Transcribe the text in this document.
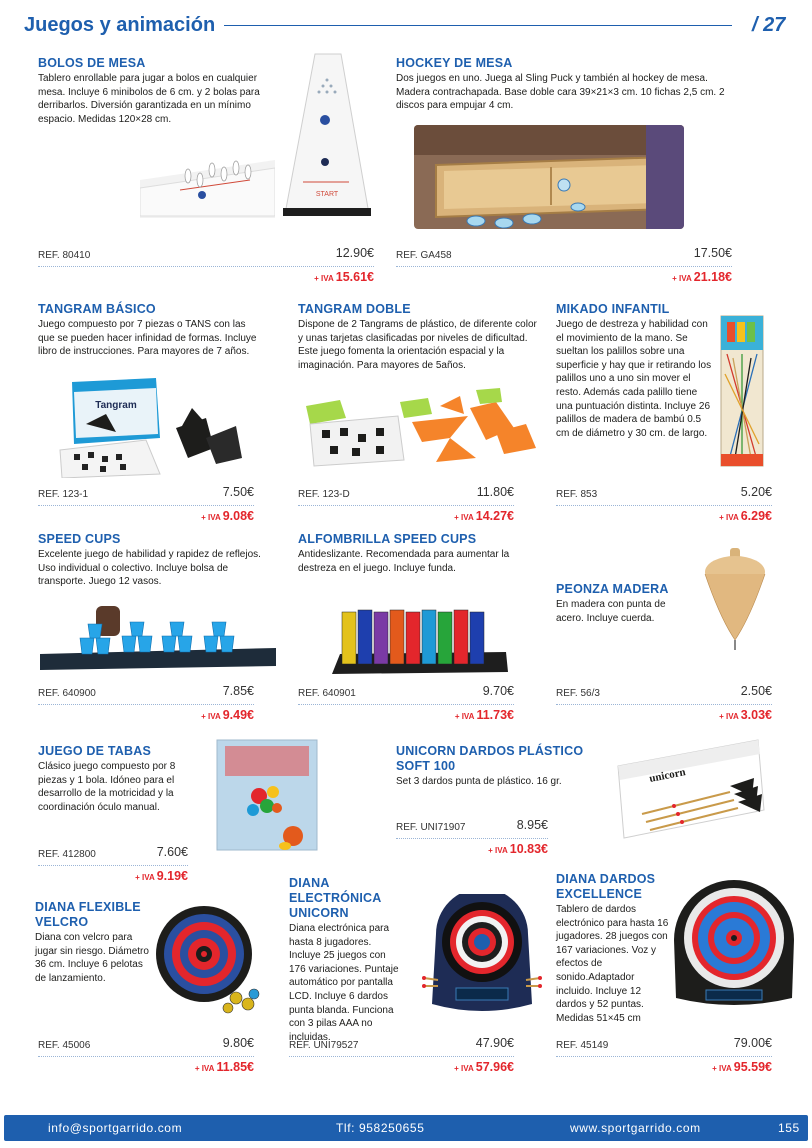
Juegos y animación	/ 27
BOLOS DE MESA
Tablero enrollable para jugar a bolos en cualquier mesa. Incluye 6 minibolos de 6 cm. y 2 bolas para derribarlos. Diversión garantizada en un mínimo espacio. Medidas 120×28 cm.
START
REF. 80410	12.90€
+ IVA 15.61€
HOCKEY DE MESA
Dos juegos en uno. Juega al Sling Puck y también al hockey de mesa. Madera contrachapada. Base doble cara 39×21×3 cm. 10 fichas 2,5 cm. 2 discos para empujar 4 cm.
REF. GA458	17.50€
+ IVA 21.18€
TANGRAM BÁSICO
Juego compuesto por 7 piezas o TANS con las que se pueden hacer infinidad de formas. Incluye libro de instrucciones. Para mayores de 7 años.
Tangram
REF. 123-1	7.50€
+ IVA 9.08€
TANGRAM DOBLE
Dispone de 2 Tangrams de plástico, de diferente color y unas tarjetas clasificadas por niveles de dificultad. Este juego fomenta la orientación espacial y la imaginación. Para mayores de 5años.
REF. 123-D	11.80€
+ IVA 14.27€
MIKADO INFANTIL
Juego de destreza y habilidad con el movimiento de la mano. Se sueltan los palillos sobre una superficie y hay que ir retirando los palillos uno a uno sin mover el resto. Además cada palillo tiene una puntuación distinta. Incluye 26 palillos de madera de bambú 0.5 cm de diámetro y 30 cm. de largo.
REF. 853	5.20€
+ IVA 6.29€
SPEED CUPS
Excelente juego de habilidad y rapidez de reflejos. Uso individual o colectivo. Incluye bolsa de transporte. Juego 12 vasos.
REF. 640900	7.85€
+ IVA 9.49€
ALFOMBRILLA SPEED CUPS
Antideslizante. Recomendada para aumentar la destreza en el juego. Incluye funda.
REF. 640901	9.70€
+ IVA 11.73€
PEONZA MADERA
En madera con punta de acero. Incluye cuerda.
REF. 56/3	2.50€
+ IVA 3.03€
JUEGO DE TABAS
Clásico juego compuesto por 8 piezas y 1 bola. Idóneo para el desarrollo de la motricidad y la coordinación óculo manual.
REF. 412800	7.60€
+ IVA 9.19€
UNICORN DARDOS PLÁSTICO SOFT 100
Set 3 dardos punta de plástico. 16 gr.	unicorn
REF. UNI71907	8.95€
+ IVA 10.83€
DIANA FLEXIBLE VELCRO
Diana con velcro para jugar sin riesgo. Diámetro 36 cm. Incluye 6 pelotas de lanzamiento.
REF. 45006	9.80€
+ IVA 11.85€
DIANA ELECTRÓNICA UNICORN
Diana electrónica para hasta 8 jugadores. Incluye 25 juegos con 176 variaciones. Puntaje automático por pantalla LCD. Incluye 6 dardos punta blanda. Funciona con 3 pilas AAA no incluidas.
REF. UNI79527	47.90€
+ IVA 57.96€
DIANA DARDOS EXCELLENCE
Tablero de dardos electrónico para hasta 16 jugadores. 28 juegos con 167 variaciones. Voz y efectos de sonido.Adaptador incluido. Incluye 12 dardos y 52 puntas. Medidas 51×45 cm
REF. 45149	79.00€
+ IVA 95.59€
info@sportgarrido.com	Tlf: 958250655	www.sportgarrido.com	155
